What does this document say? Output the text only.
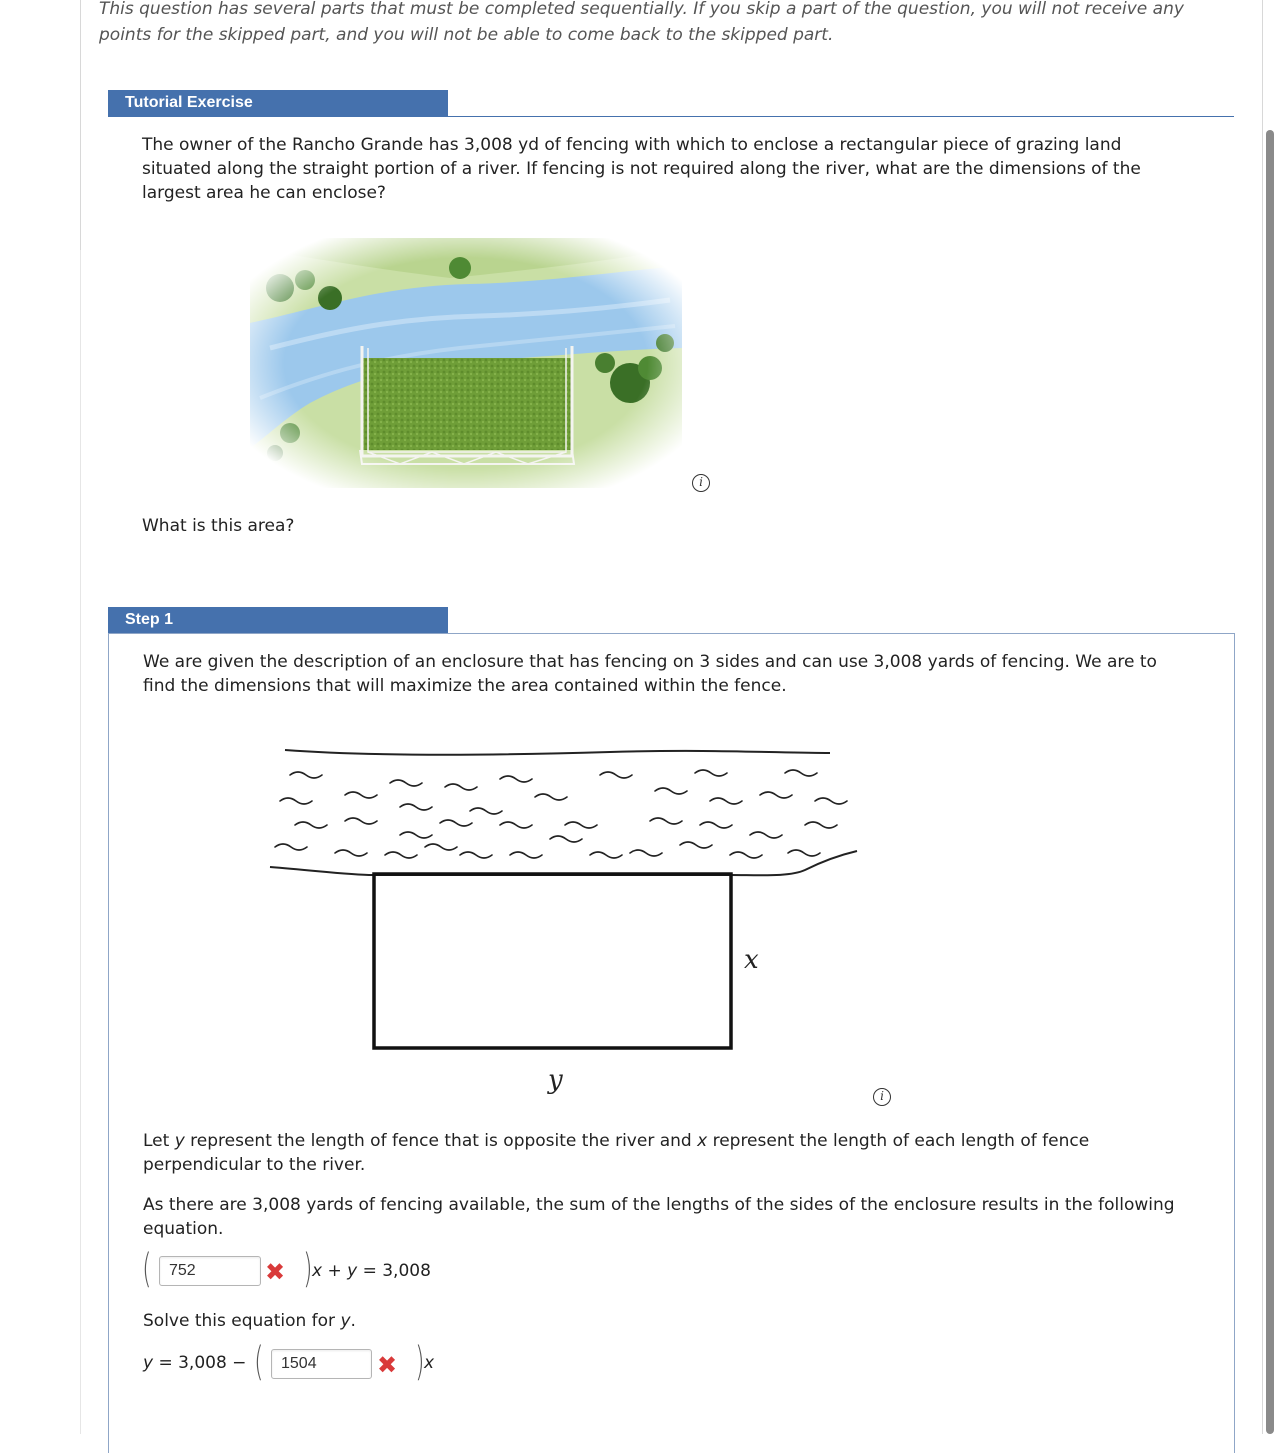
This question has several parts that must be completed sequentially. If you skip a part of the question, you will not receive any points for the skipped part, and you will not be able to come back to the skipped part.
Tutorial Exercise
The owner of the Rancho Grande has 3,008 yd of fencing with which to enclose a rectangular piece of grazing land situated along the straight portion of a river. If fencing is not required along the river, what are the dimensions of the largest area he can enclose?
i
What is this area?
Step 1
We are given the description of an enclosure that has fencing on 3 sides and can use 3,008 yards of fencing. We are to find the dimensions that will maximize the area contained within the fence.
x
y
i
Let y represent the length of fence that is opposite the river and x represent the length of each length of fence perpendicular to the river.
As there are 3,008 yards of fencing available, the sum of the lengths of the sides of the enclosure results in the following equation.
(	752	✖ ) x + y = 3,008
Solve this equation for y.
y = 3,008 − (	1504	✖ ) x
